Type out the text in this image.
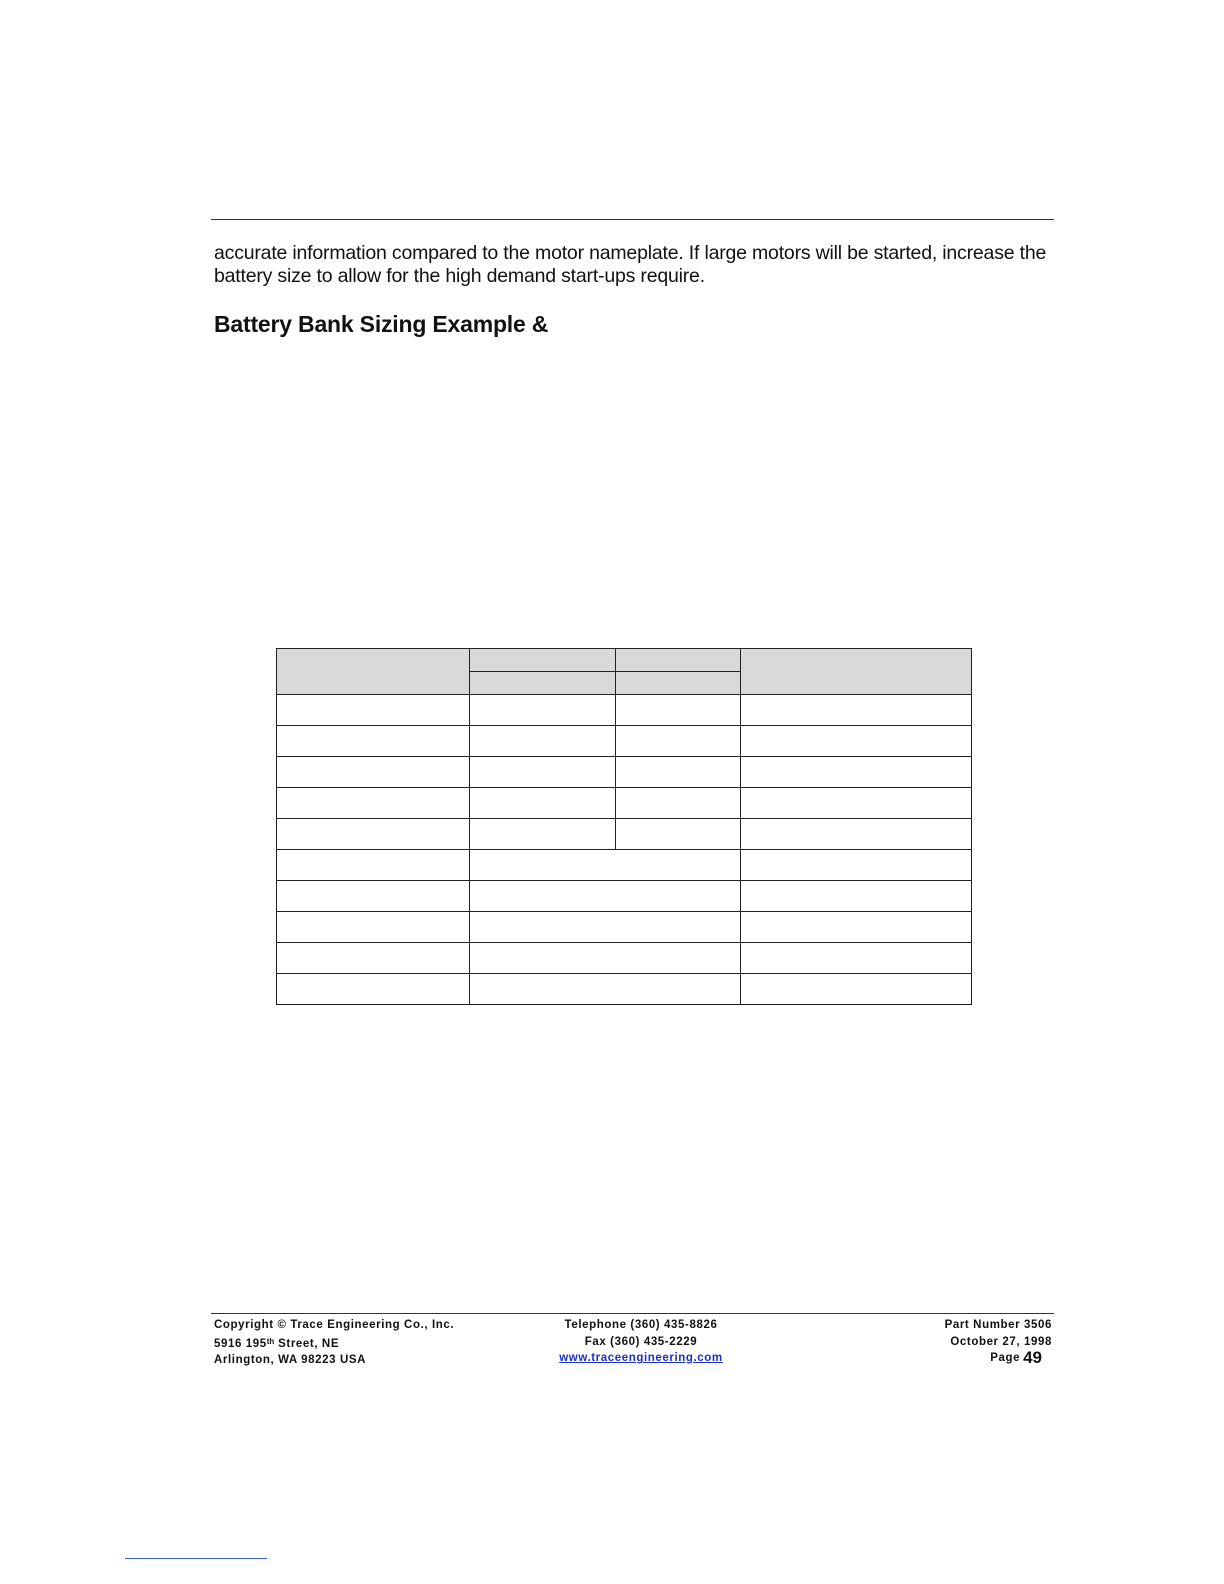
accurate information compared to the motor nameplate. If large motors will be started, increase the battery size to allow for the high demand start-ups require.

Battery Bank Sizing Example &

Copyright © Trace Engineering Co., Inc.
5916 195th Street, NE
Arlington, WA 98223 USA
Telephone (360) 435-8826
Fax (360) 435-2229
www.traceengineering.com
Part Number 3506
October 27, 1998
Page 49
